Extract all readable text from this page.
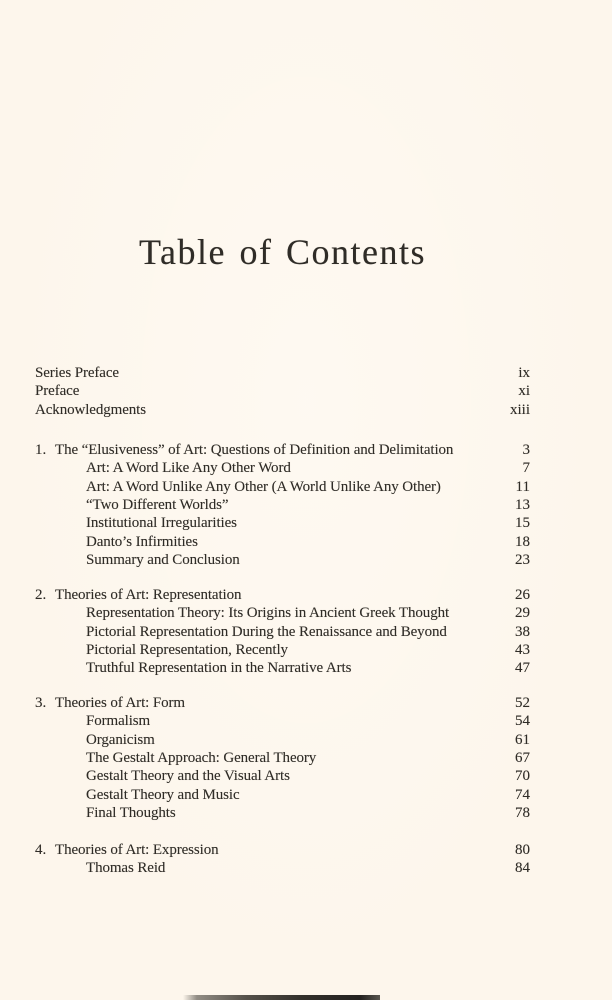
Table of Contents
Series Preface	ix
Preface	xi
Acknowledgments	xiii
1. The “Elusiveness” of Art: Questions of Definition and Delimitation	3
Art: A Word Like Any Other Word	7
Art: A Word Unlike Any Other (A World Unlike Any Other)	11
“Two Different Worlds”	13
Institutional Irregularities	15
Danto’s Infirmities	18
Summary and Conclusion	23
2. Theories of Art: Representation	26
Representation Theory: Its Origins in Ancient Greek Thought	29
Pictorial Representation During the Renaissance and Beyond	38
Pictorial Representation, Recently	43
Truthful Representation in the Narrative Arts	47
3. Theories of Art: Form	52
Formalism	54
Organicism	61
The Gestalt Approach: General Theory	67
Gestalt Theory and the Visual Arts	70
Gestalt Theory and Music	74
Final Thoughts	78
4. Theories of Art: Expression	80
Thomas Reid	84
